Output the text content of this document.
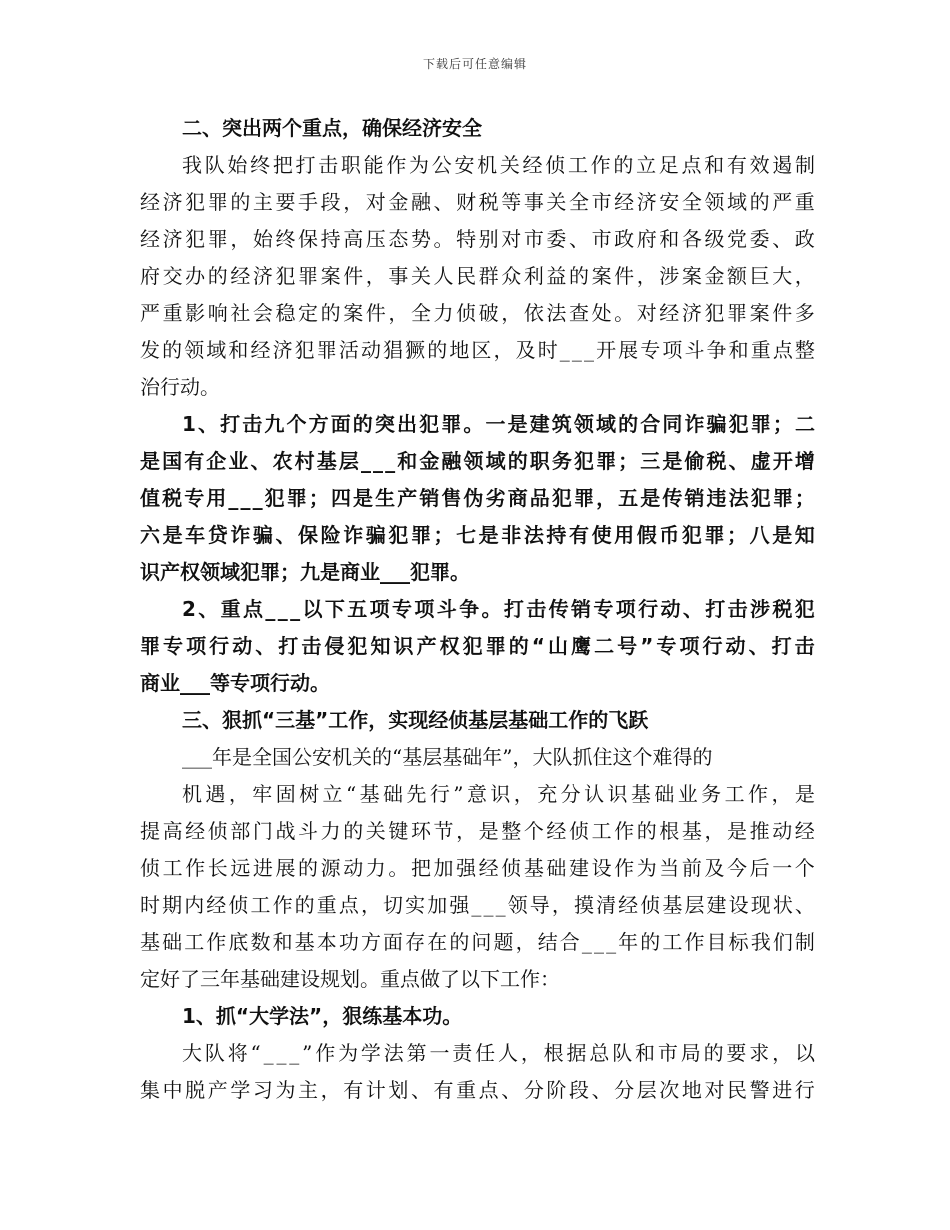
下载后可任意编辑
二、突出两个重点，确保经济安全
我 队 始 终 把 打 击 职 能 作 为 公 安 机 关 经 侦 工 作 的 立 足 点 和 有 效 遏 制
经 济 犯 罪 的 主 要 手 段 ， 对 金 融 、 财 税 等 事 关 全 市 经 济 安 全 领 域 的 严 重
经 济 犯 罪 ， 始 终 保 持 高 压 态 势 。 特 别 对 市 委 、 市 政 府 和 各 级 党 委 、 政
府 交 办 的 经 济 犯 罪 案 件 ， 事 关 人 民 群 众 利 益 的 案 件 ， 涉 案 金 额 巨 大 ，
严 重 影 响 社 会 稳 定 的 案 件 ， 全 力 侦 破 ， 依 法 查 处 。 对 经 济 犯 罪 案 件 多
发 的 领 域 和 经 济 犯 罪 活 动 猖 獗 的 地 区 ， 及 时 _ _ _ 开 展 专 项 斗 争 和 重 点 整
治行动。
1 、 打 击 九 个 方 面 的 突 出 犯 罪 。 一 是 建 筑 领 域 的 合 同 诈 骗 犯 罪 ； 二
是 国 有 企 业 、 农 村 基 层 _ _ _ 和 金 融 领 域 的 职 务 犯 罪 ； 三 是 偷 税 、 虚 开 增
值 税 专 用 _ _ _ 犯 罪 ； 四 是 生 产 销 售 伪 劣 商 品 犯 罪 ， 五 是 传 销 违 法 犯 罪 ；
六 是 车 贷 诈 骗 、 保 险 诈 骗 犯 罪 ； 七 是 非 法 持 有 使 用 假 币 犯 罪 ； 八 是 知
识产权领域犯罪；九是商业___犯罪。
2 、 重 点 _ _ _ 以 下 五 项 专 项 斗 争 。 打 击 传 销 专 项 行 动 、 打 击 涉 税 犯
罪 专 项 行 动 、 打 击 侵 犯 知 识 产 权 犯 罪 的 “ 山 鹰 二 号 ” 专 项 行 动 、 打 击
商业___等专项行动。
三、狠抓“三基”工作，实现经侦基层基础工作的飞跃
___年是全国公安机关的“基层基础年”，大队抓住这个难得的
机 遇 ， 牢 固 树 立 “ 基 础 先 行 ” 意 识 ， 充 分 认 识 基 础 业 务 工 作 ， 是
提 高 经 侦 部 门 战 斗 力 的 关 键 环 节 ， 是 整 个 经 侦 工 作 的 根 基 ， 是 推 动 经
侦 工 作 长 远 进 展 的 源 动 力 。 把 加 强 经 侦 基 础 建 设 作 为 当 前 及 今 后 一 个
时 期 内 经 侦 工 作 的 重 点 ， 切 实 加 强 _ _ _ 领 导 ， 摸 清 经 侦 基 层 建 设 现 状 、
基 础 工 作 底 数 和 基 本 功 方 面 存 在 的 问 题 ， 结 合 _ _ _ 年 的 工 作 目 标 我 们 制
定好了三年基础建设规划。重点做了以下工作：
1、抓“大学法”，狠练基本功。
大 队 将 “ _ _ _ ” 作 为 学 法 第 一 责 任 人 ， 根 据 总 队 和 市 局 的 要 求 ， 以
集 中 脱 产 学 习 为 主 ， 有 计 划 、 有 重 点 、 分 阶 段 、 分 层 次 地 对 民 警 进 行
